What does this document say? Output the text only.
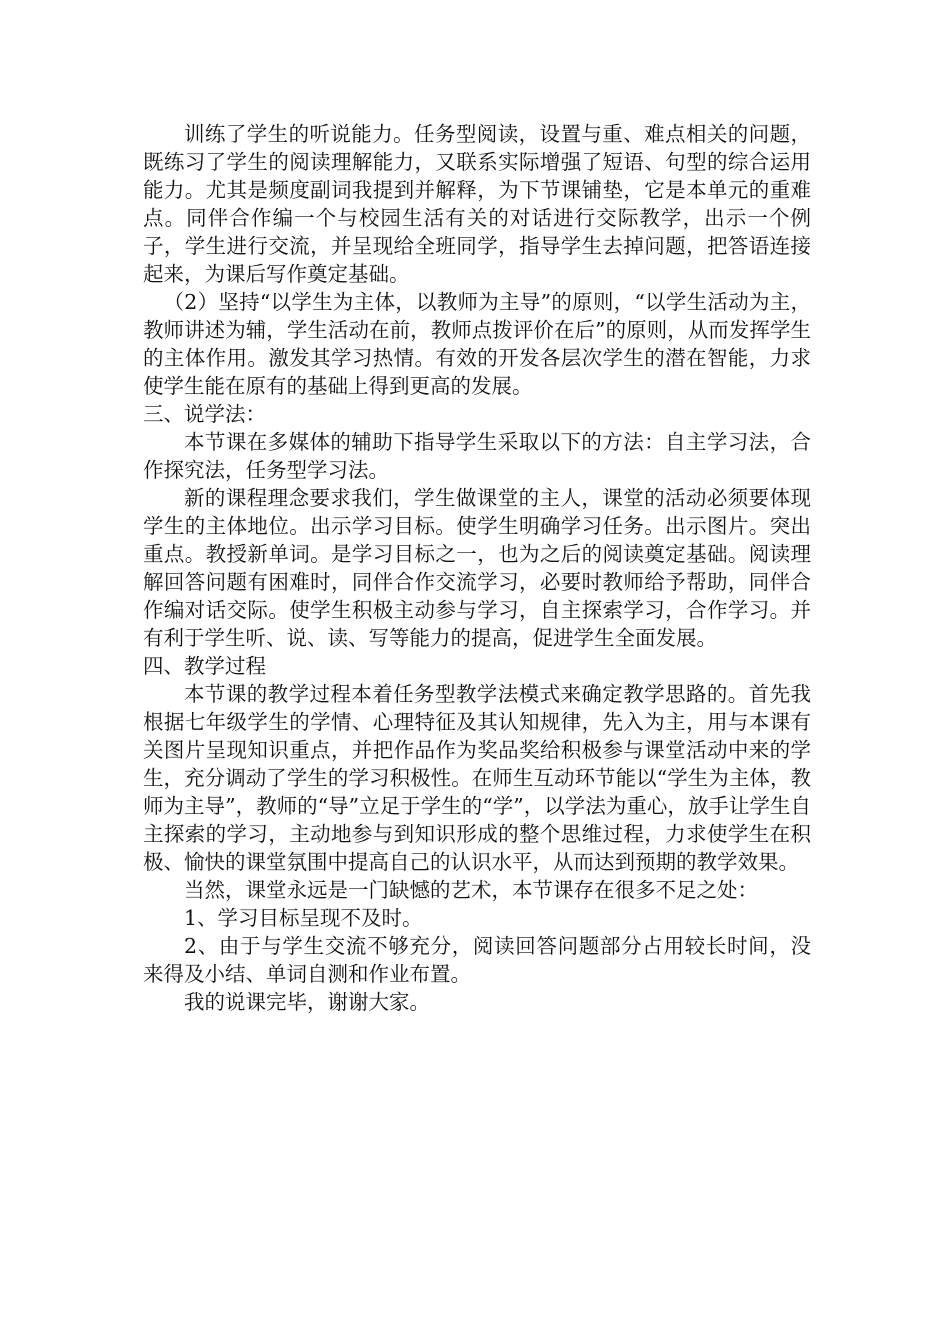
训练了学生的听说能力。任务型阅读，设置与重、难点相关的问题，既练习了学生的阅读理解能力，又联系实际增强了短语、句型的综合运用能力。尤其是频度副词我提到并解释，为下节课铺垫，它是本单元的重难点。同伴合作编一个与校园生活有关的对话进行交际教学，出示一个例子，学生进行交流，并呈现给全班同学，指导学生去掉问题，把答语连接起来，为课后写作奠定基础。

（2）坚持“以学生为主体，以教师为主导”的原则，“以学生活动为主，教师讲述为辅，学生活动在前，教师点拨评价在后”的原则，从而发挥学生的主体作用。激发其学习热情。有效的开发各层次学生的潜在智能，力求使学生能在原有的基础上得到更高的发展。

三、说学法：

本节课在多媒体的辅助下指导学生采取以下的方法：自主学习法，合作探究法，任务型学习法。

新的课程理念要求我们，学生做课堂的主人，课堂的活动必须要体现学生的主体地位。出示学习目标。使学生明确学习任务。出示图片。突出重点。教授新单词。是学习目标之一，也为之后的阅读奠定基础。阅读理解回答问题有困难时，同伴合作交流学习，必要时教师给予帮助，同伴合作编对话交际。使学生积极主动参与学习，自主探索学习，合作学习。并有利于学生听、说、读、写等能力的提高，促进学生全面发展。

四、教学过程

本节课的教学过程本着任务型教学法模式来确定教学思路的。首先我根据七年级学生的学情、心理特征及其认知规律，先入为主，用与本课有关图片呈现知识重点，并把作品作为奖品奖给积极参与课堂活动中来的学生，充分调动了学生的学习积极性。在师生互动环节能以“学生为主体，教师为主导”，教师的“导”立足于学生的“学”，以学法为重心，放手让学生自主探索的学习，主动地参与到知识形成的整个思维过程，力求使学生在积极、愉快的课堂氛围中提高自己的认识水平，从而达到预期的教学效果。

当然，课堂永远是一门缺憾的艺术，本节课存在很多不足之处：

1、学习目标呈现不及时。

2、由于与学生交流不够充分，阅读回答问题部分占用较长时间，没来得及小结、单词自测和作业布置。

我的说课完毕，谢谢大家。
